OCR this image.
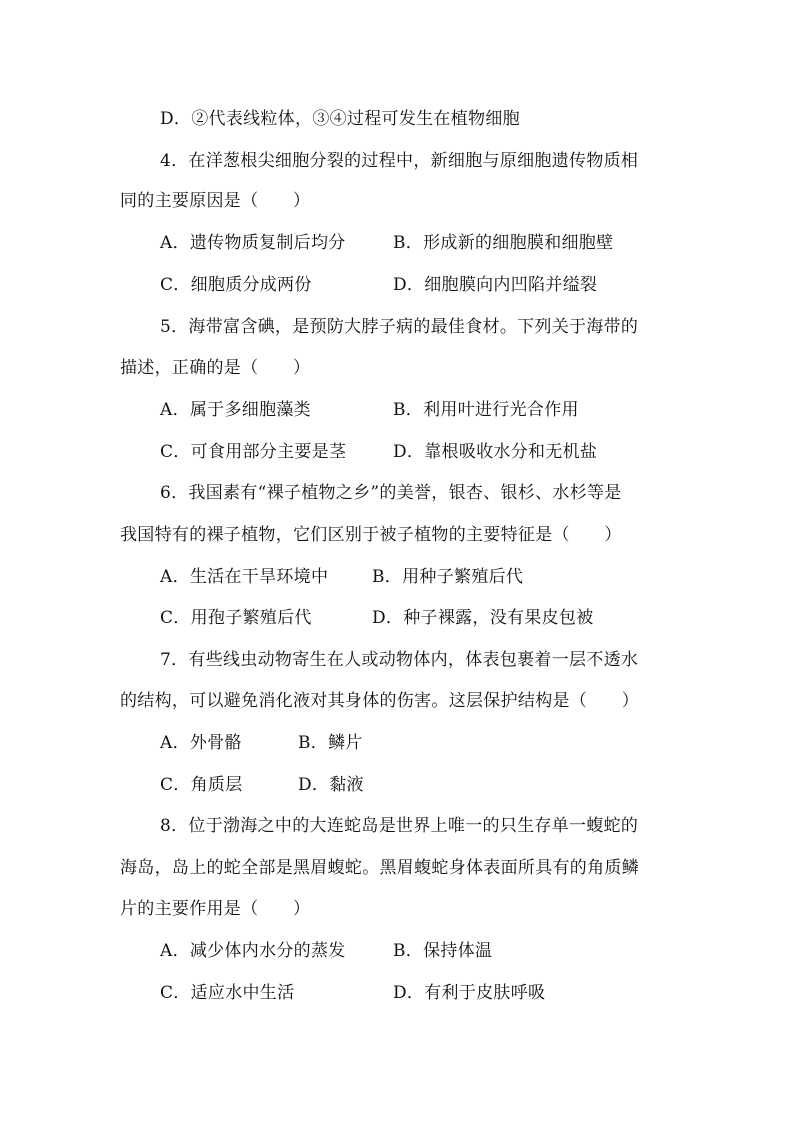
D．②代表线粒体，③④过程可发生在植物细胞
4．在洋葱根尖细胞分裂的过程中，新细胞与原细胞遗传物质相
同的主要原因是（　　）
A．遗传物质复制后均分	B．形成新的细胞膜和细胞壁
C．细胞质分成两份	D．细胞膜向内凹陷并缢裂
5．海带富含碘，是预防大脖子病的最佳食材。下列关于海带的
描述，正确的是（　　）
A．属于多细胞藻类	B．利用叶进行光合作用
C．可食用部分主要是茎	D．靠根吸收水分和无机盐
6．我国素有“裸子植物之乡”的美誉，银杏、银杉、水杉等是
我国特有的裸子植物，它们区别于被子植物的主要特征是（　　）
A．生活在干旱环境中	B．用种子繁殖后代
C．用孢子繁殖后代	D．种子裸露，没有果皮包被
7．有些线虫动物寄生在人或动物体内，体表包裹着一层不透水
的结构，可以避免消化液对其身体的伤害。这层保护结构是（　　）
A．外骨骼	B．鳞片
C．角质层	D．黏液
8．位于渤海之中的大连蛇岛是世界上唯一的只生存单一蝮蛇的
海岛，岛上的蛇全部是黑眉蝮蛇。黑眉蝮蛇身体表面所具有的角质鳞
片的主要作用是（　　）
A．减少体内水分的蒸发	B．保持体温
C．适应水中生活	D．有利于皮肤呼吸
